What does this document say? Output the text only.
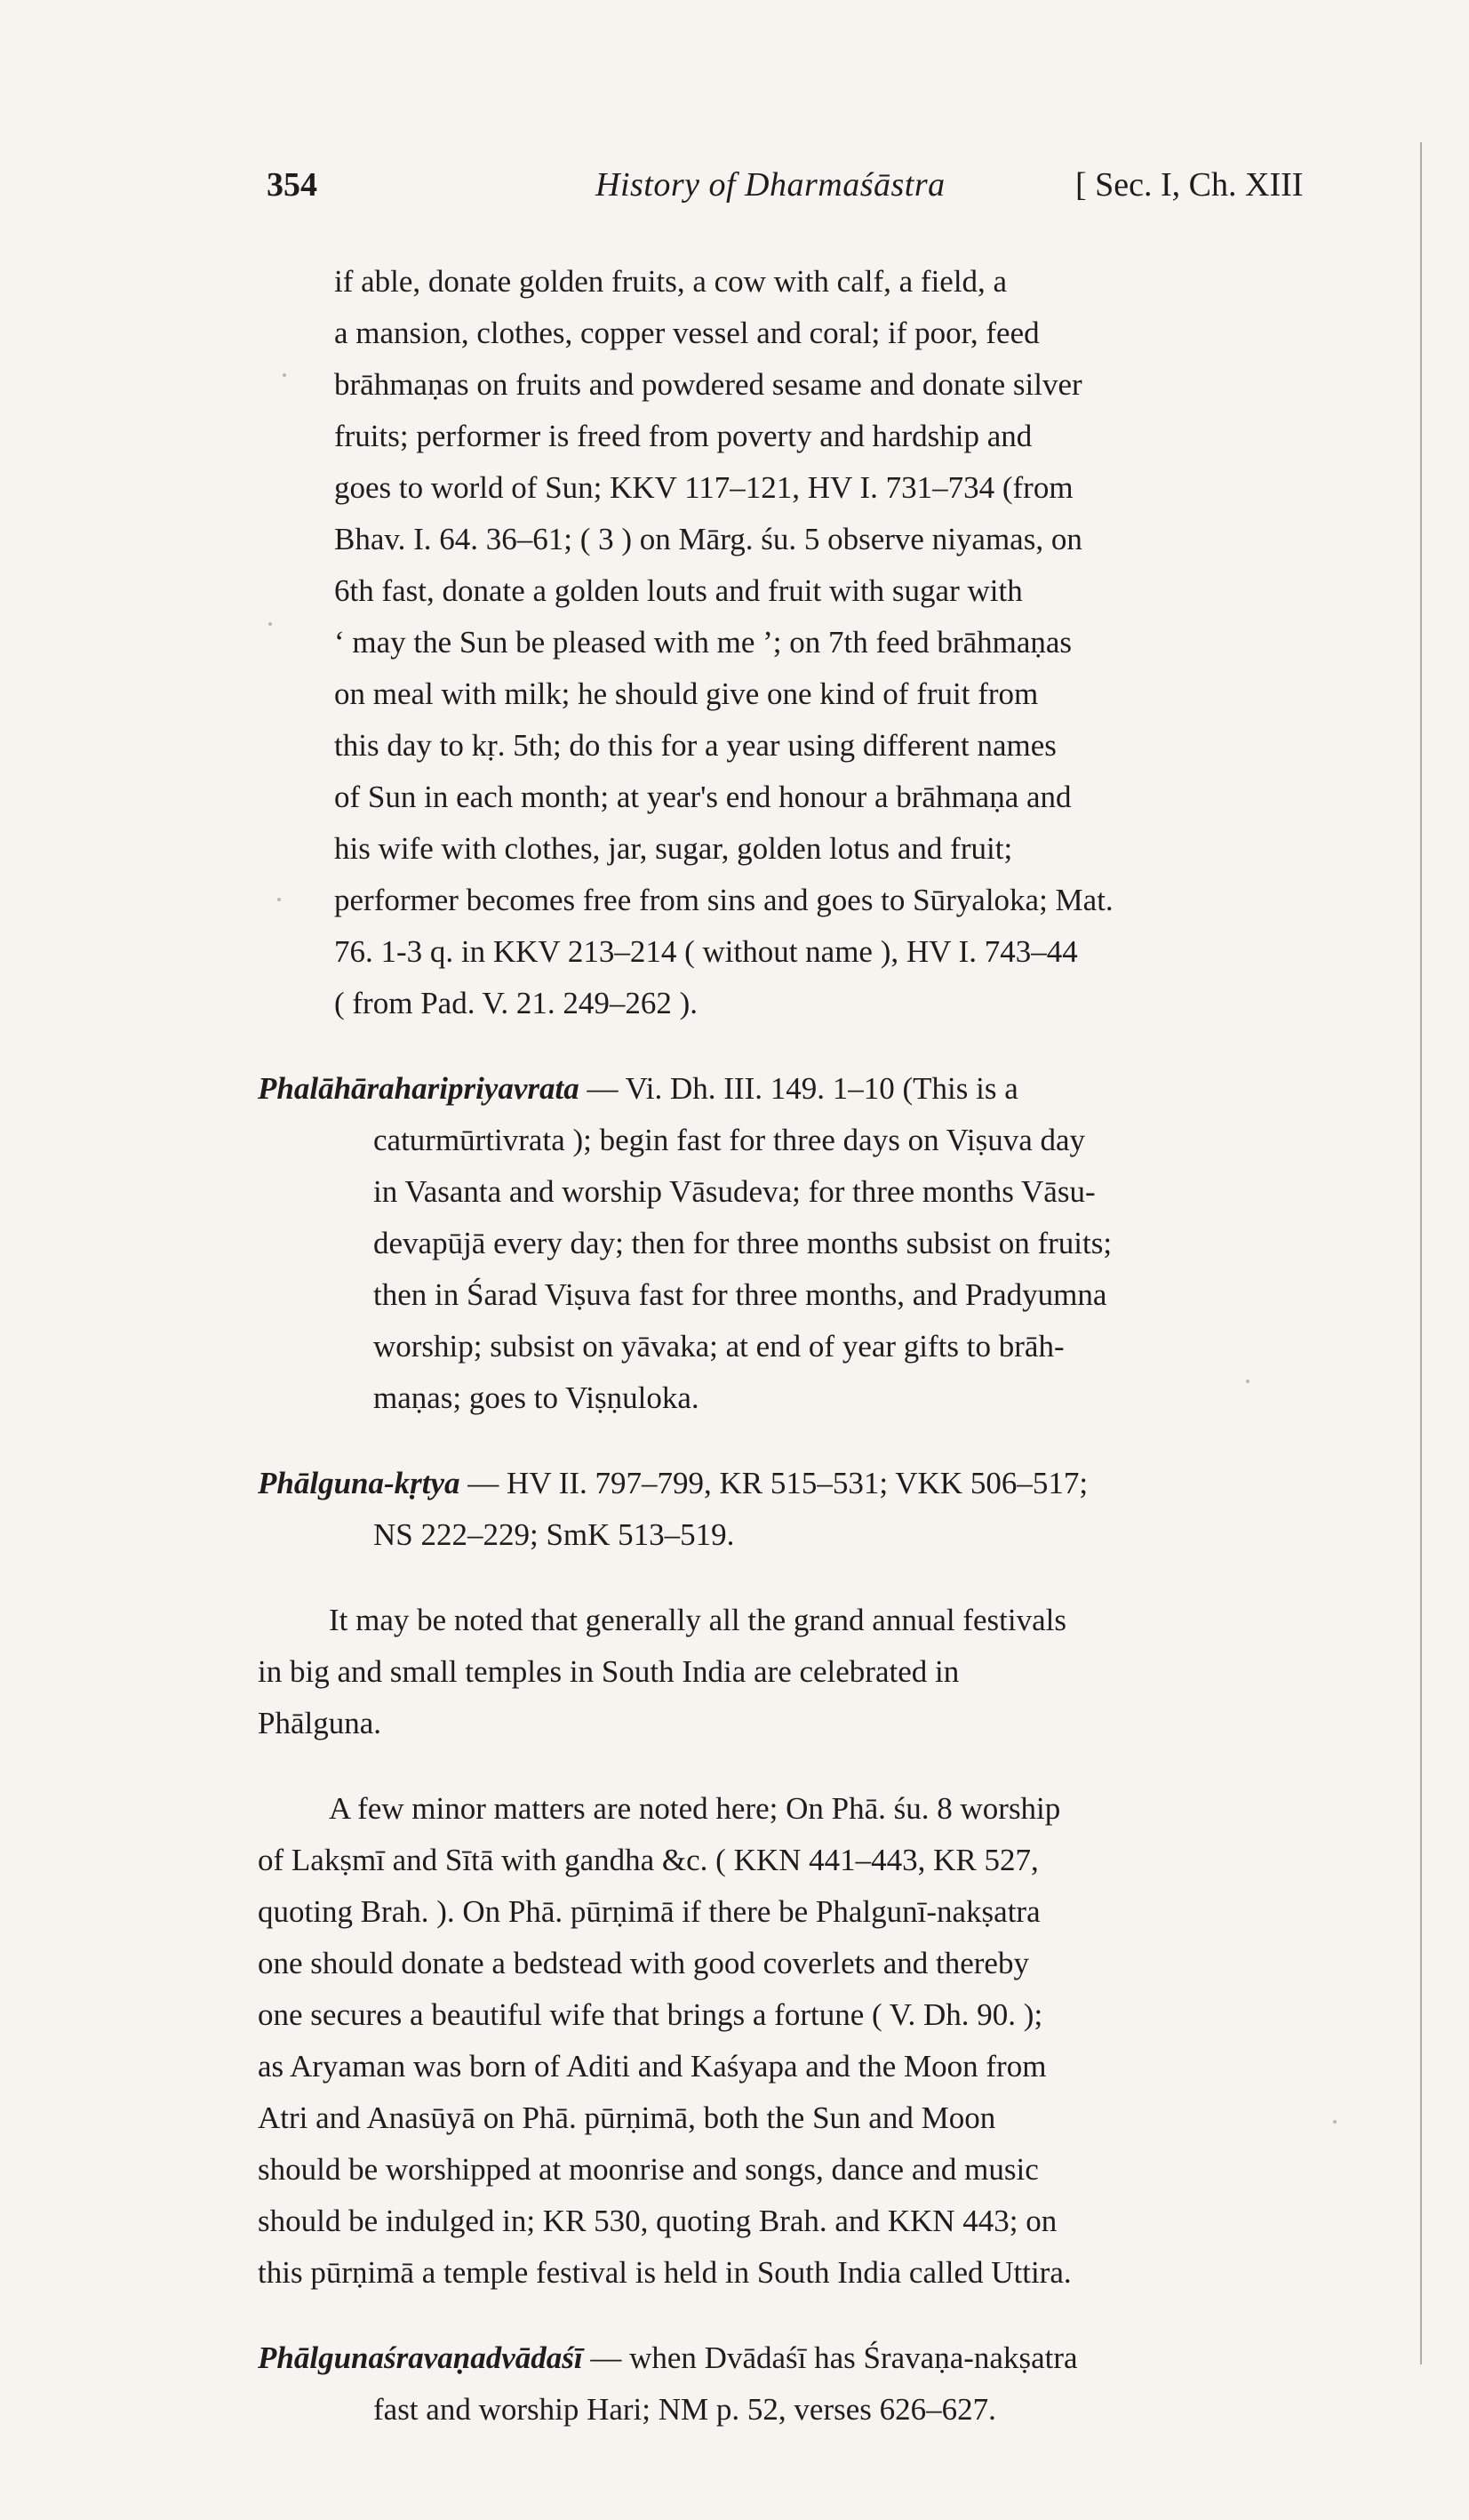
354	History of Dharmaśāstra	[ Sec. I, Ch. XIII
if able, donate golden fruits, a cow with calf, a field, a
a mansion, clothes, copper vessel and coral; if poor, feed
brāhmaṇas on fruits and powdered sesame and donate silver
fruits; performer is freed from poverty and hardship and
goes to world of Sun; KKV 117–121, HV I. 731–734 (from
Bhav. I. 64. 36–61; ( 3 ) on Mārg. śu. 5 observe niyamas, on
6th fast, donate a golden louts and fruit with sugar with
‘ may the Sun be pleased with me ’; on 7th feed brāhmaṇas
on meal with milk; he should give one kind of fruit from
this day to kṛ. 5th; do this for a year using different names
of Sun in each month; at year's end honour a brāhmaṇa and
his wife with clothes, jar, sugar, golden lotus and fruit;
performer becomes free from sins and goes to Sūryaloka; Mat.
76. 1-3 q. in KKV 213–214 ( without name ), HV I. 743–44
( from Pad. V. 21. 249–262 ).
Phalāhāraharipriyavrata — Vi. Dh. III. 149. 1–10 (This is a
caturmūrtivrata ); begin fast for three days on Viṣuva day
in Vasanta and worship Vāsudeva; for three months Vāsu-
devapūjā every day; then for three months subsist on fruits;
then in Śarad Viṣuva fast for three months, and Pradyumna
worship; subsist on yāvaka; at end of year gifts to brāh-
maṇas; goes to Viṣṇuloka.
Phālguna-kṛtya — HV II. 797–799, KR 515–531; VKK 506–517;
NS 222–229; SmK 513–519.
It may be noted that generally all the grand annual festivals
in big and small temples in South India are celebrated in
Phālguna.
A few minor matters are noted here; On Phā. śu. 8 worship
of Lakṣmī and Sītā with gandha &c. ( KKN 441–443, KR 527,
quoting Brah. ). On Phā. pūrṇimā if there be Phalgunī-nakṣatra
one should donate a bedstead with good coverlets and thereby
one secures a beautiful wife that brings a fortune ( V. Dh. 90. );
as Aryaman was born of Aditi and Kaśyapa and the Moon from
Atri and Anasūyā on Phā. pūrṇimā, both the Sun and Moon
should be worshipped at moonrise and songs, dance and music
should be indulged in; KR 530, quoting Brah. and KKN 443; on
this pūrṇimā a temple festival is held in South India called Uttira.
Phālgunaśravaṇadvādaśī — when Dvādaśī has Śravaṇa-nakṣatra
fast and worship Hari; NM p. 52, verses 626–627.
